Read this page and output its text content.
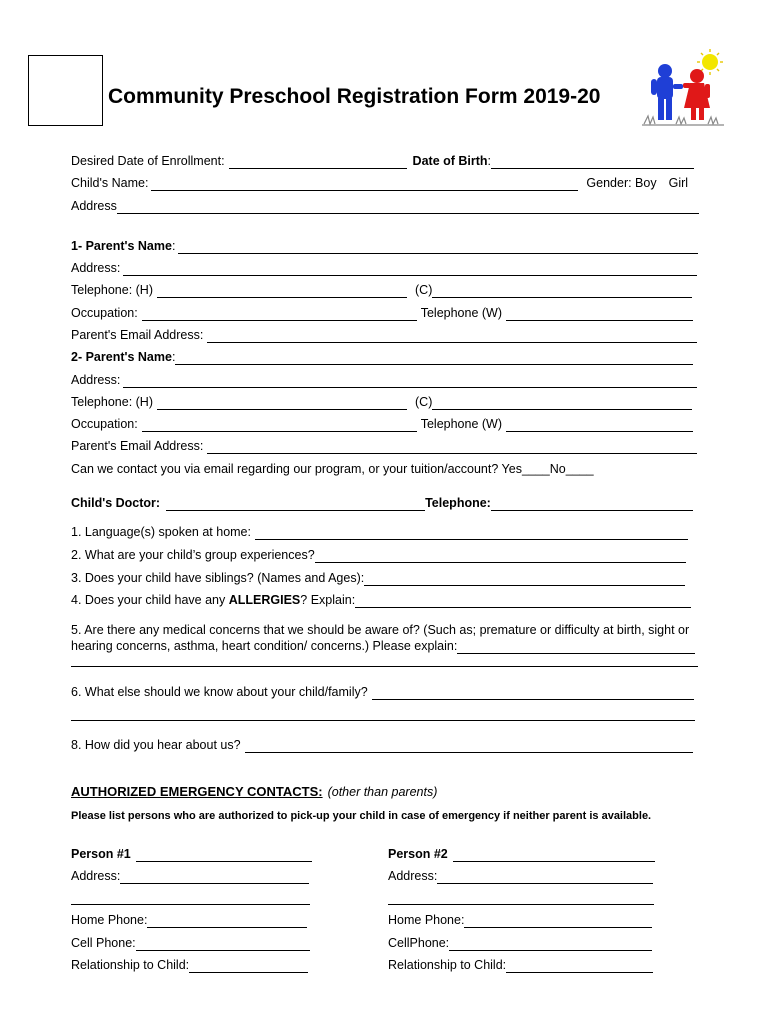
Community Preschool Registration Form 2019-20
Desired Date of Enrollment:	Date of Birth :
Child's Name:	Gender: Boy Girl
Address
1- Parent's Name :
Address:
Telephone: (H)	(C)
Occupation:	Telephone (W)
Parent's Email Address:
2- Parent's Name :
Address:
Telephone: (H)	(C)
Occupation:	Telephone (W)
Parent's Email Address:
Can we contact you via email regarding our program, or your tuition/account? Yes ____ No ____
Child's Doctor:	Telephone:
1. Language(s) spoken at home:
2. What are your child’s group experiences?
3. Does your child have siblings? (Names and Ages):
4. Does your child have any ALLERGIES ? Explain:
5. Are there any medical concerns that we should be aware of? (Such as; premature or difficulty at birth, sight or
hearing concerns, asthma, heart condition/ concerns.) Please explain:
6. What else should we know about your child/family?
8. How did you hear about us?
AUTHORIZED EMERGENCY CONTACTS: (other than parents)
Please list persons who are authorized to pick-up your child in case of emergency if neither parent is available.
Person #1
Address:
Home Phone:
Cell Phone:
Relationship to Child:
Person #2
Address:
Home Phone:
CellPhone:
Relationship to Child:
